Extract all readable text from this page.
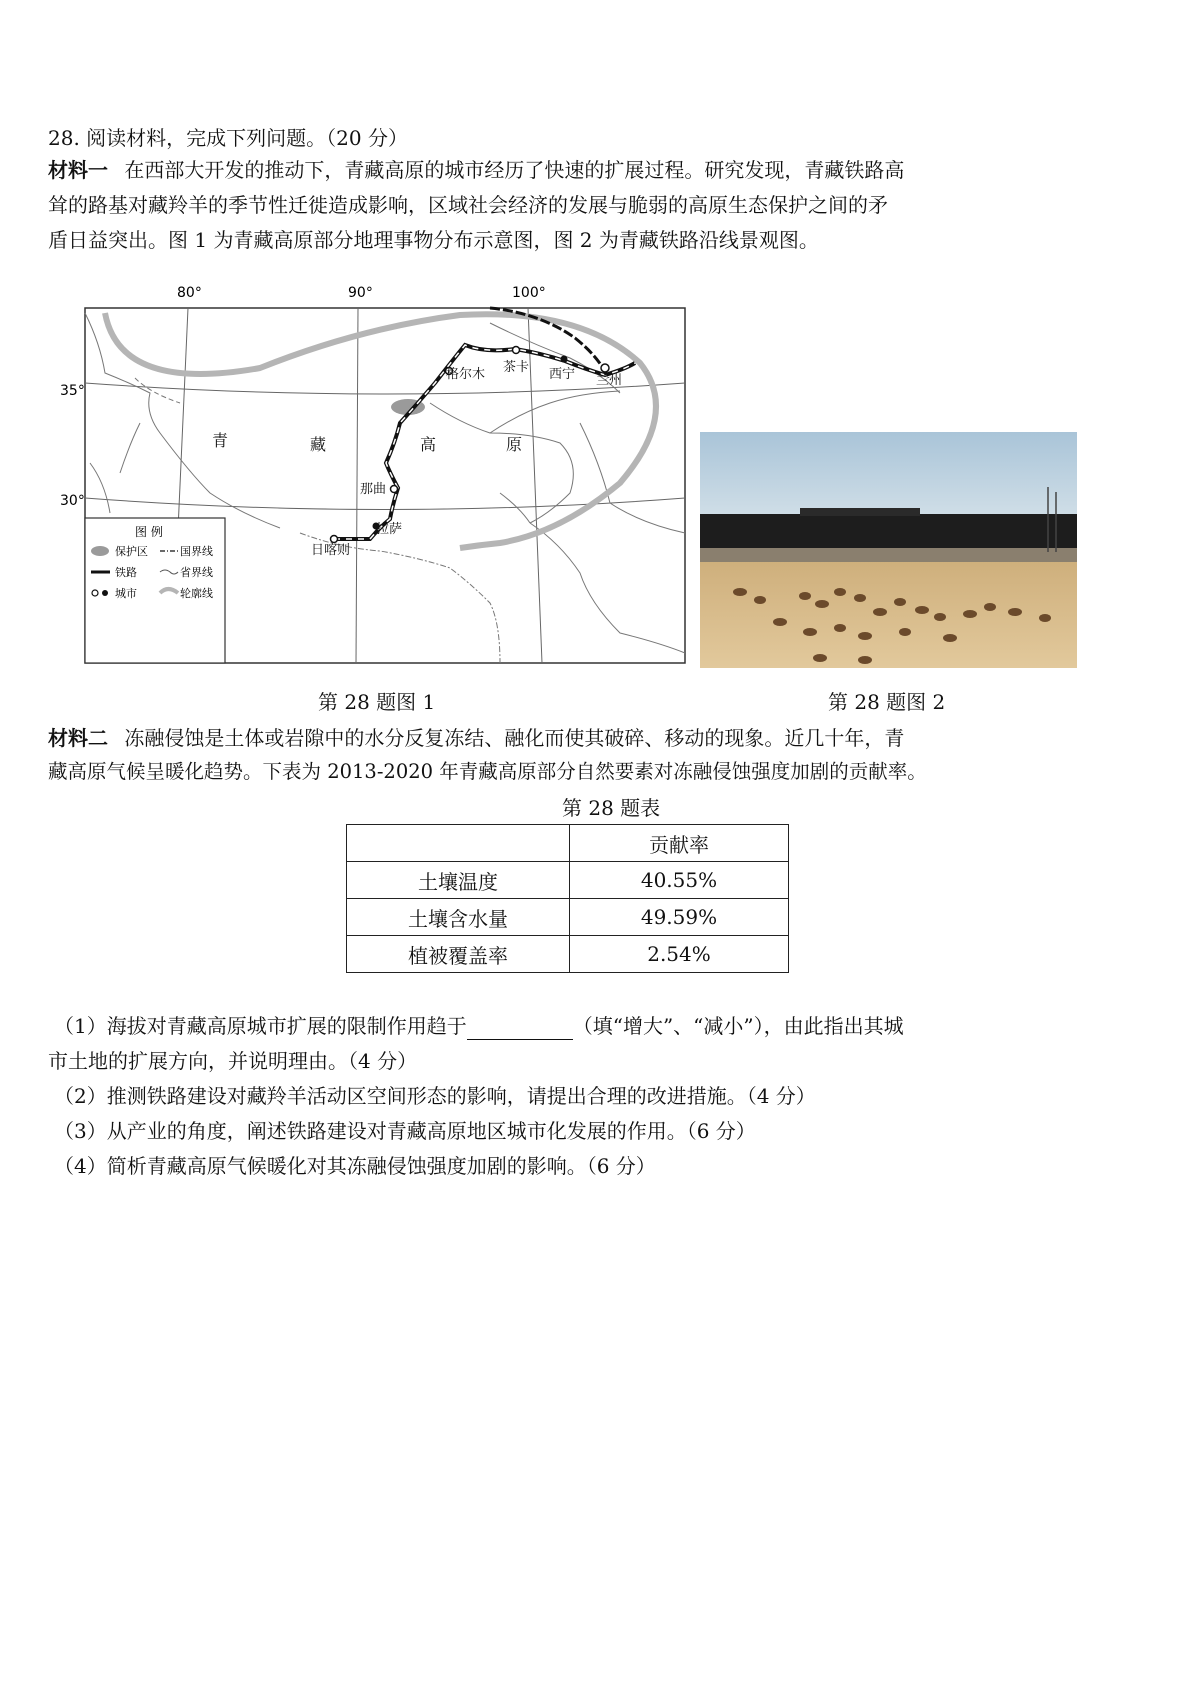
28. 阅读材料，完成下列问题。（20 分）
材料一 在西部大开发的推动下，青藏高原的城市经历了快速的扩展过程。研究发现，青藏铁路高
耸的路基对藏羚羊的季节性迁徙造成影响，区域社会经济的发展与脆弱的高原生态保护之间的矛
盾日益突出。图 1 为青藏高原部分地理事物分布示意图，图 2 为青藏铁路沿线景观图。
80°	90°	100°
35°
30°
格尔木 茶卡 西宁 兰州
那曲
拉萨
日喀则
青	藏	高	原
图 例
保护区	国界线
铁路	省界线
城市	轮廓线
第 28 题图 1	第 28 题图 2
材料二 冻融侵蚀是土体或岩隙中的水分反复冻结、融化而使其破碎、移动的现象。近几十年，青
藏高原气候呈暖化趋势。下表为 2013-2020 年青藏高原部分自然要素对冻融侵蚀强度加剧的贡献率。
第 28 题表
	贡献率
土壤温度	40.55%
土壤含水量	49.59%
植被覆盖率	2.54%
（1）海拔对青藏高原城市扩展的限制作用趋于	（填“增大”、“减小”），由此指出其城
市土地的扩展方向，并说明理由。（4 分）
（2）推测铁路建设对藏羚羊活动区空间形态的影响，请提出合理的改进措施。（4 分）
（3）从产业的角度，阐述铁路建设对青藏高原地区城市化发展的作用。（6 分）
（4）简析青藏高原气候暖化对其冻融侵蚀强度加剧的影响。（6 分）
